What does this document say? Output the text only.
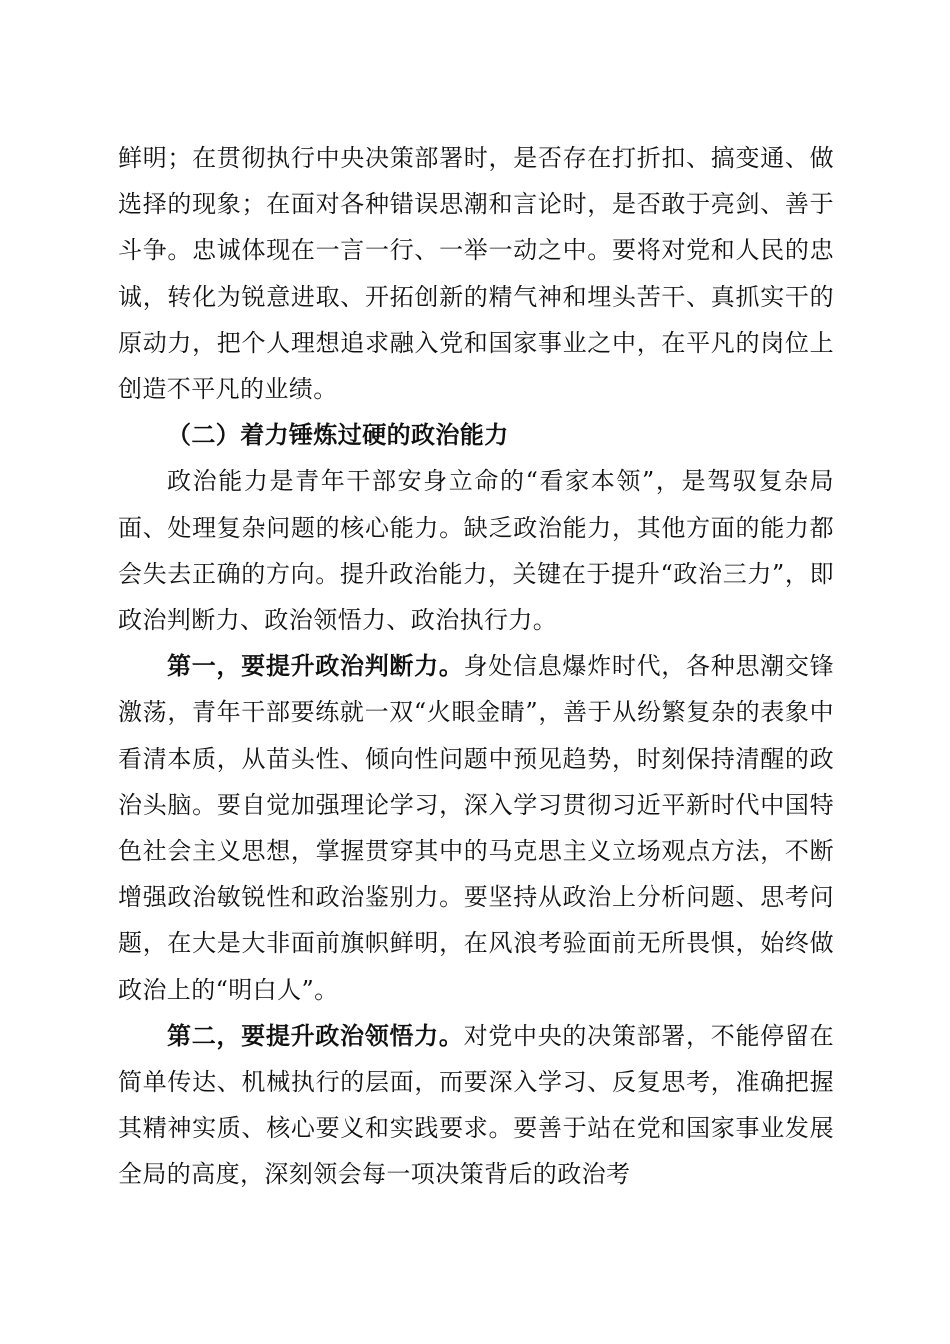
鲜明；在贯彻执行中央决策部署时，是否存在打折扣、搞变通、做选择的现象；在面对各种错误思潮和言论时，是否敢于亮剑、善于斗争。忠诚体现在一言一行、一举一动之中。要将对党和人民的忠诚，转化为锐意进取、开拓创新的精气神和埋头苦干、真抓实干的原动力，把个人理想追求融入党和国家事业之中，在平凡的岗位上创造不平凡的业绩。

（二）着力锤炼过硬的政治能力

政治能力是青年干部安身立命的“看家本领”，是驾驭复杂局面、处理复杂问题的核心能力。缺乏政治能力，其他方面的能力都会失去正确的方向。提升政治能力，关键在于提升“政治三力”，即政治判断力、政治领悟力、政治执行力。

第一，要提升政治判断力。身处信息爆炸时代，各种思潮交锋激荡，青年干部要练就一双“火眼金睛”，善于从纷繁复杂的表象中看清本质，从苗头性、倾向性问题中预见趋势，时刻保持清醒的政治头脑。要自觉加强理论学习，深入学习贯彻习近平新时代中国特色社会主义思想，掌握贯穿其中的马克思主义立场观点方法，不断增强政治敏锐性和政治鉴别力。要坚持从政治上分析问题、思考问题，在大是大非面前旗帜鲜明，在风浪考验面前无所畏惧，始终做政治上的“明白人”。

第二，要提升政治领悟力。对党中央的决策部署，不能停留在简单传达、机械执行的层面，而要深入学习、反复思考，准确把握其精神实质、核心要义和实践要求。要善于站在党和国家事业发展全局的高度，深刻领会每一项决策背后的政治考
